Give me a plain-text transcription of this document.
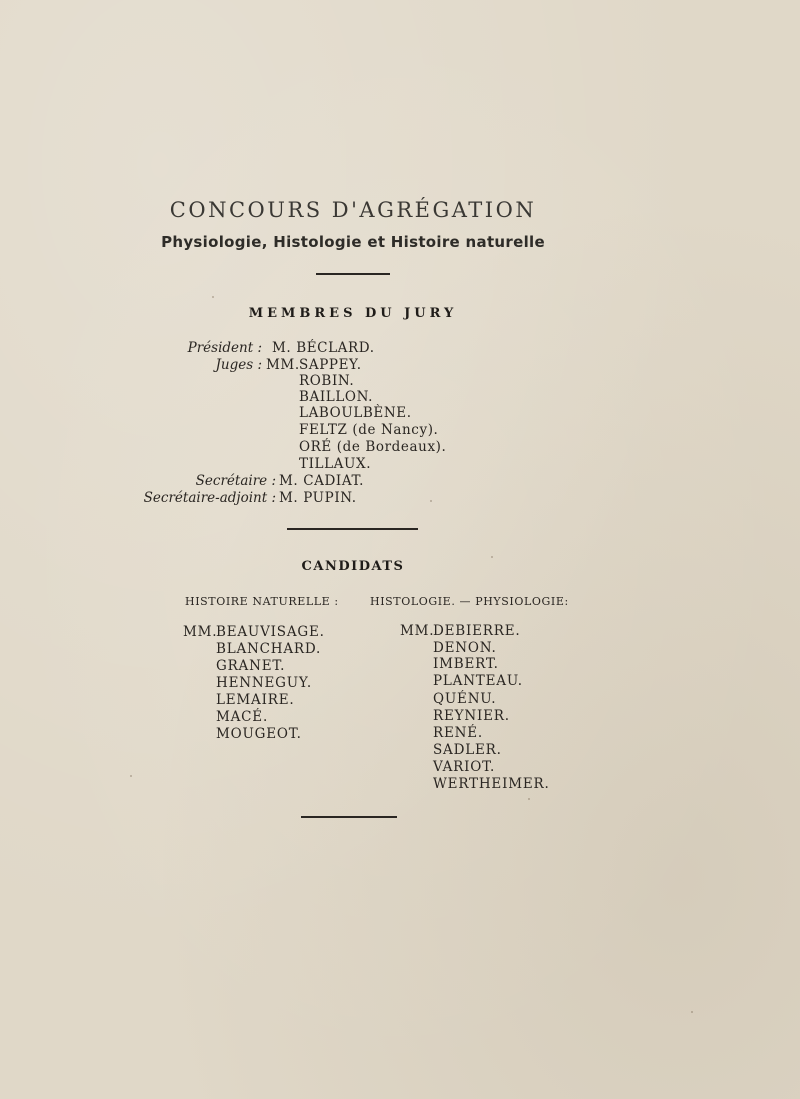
CONCOURS D'AGRÉGATION
Physiologie, Histologie et Histoire naturelle
MEMBRES DU JURY
Président : M. BÉCLARD.
Juges : MM. SAPPEY.
ROBIN.
BAILLON.
LABOULBÈNE.
FELTZ (de Nancy).
ORÉ (de Bordeaux).
TILLAUX.
Secrétaire : M. CADIAT.
Secrétaire-adjoint : M. PUPIN.
CANDIDATS
HISTOIRE NATURELLE :	HISTOLOGIE. — PHYSIOLOGIE:
MM.
BEAUVISAGE.
BLANCHARD.
GRANET.
HENNEGUY.
LEMAIRE.
MACÉ.
MOUGEOT.
MM.
DEBIERRE.
DENON.
IMBERT.
PLANTEAU.
QUÉNU.
REYNIER.
RENÉ.
SADLER.
VARIOT.
WERTHEIMER.
